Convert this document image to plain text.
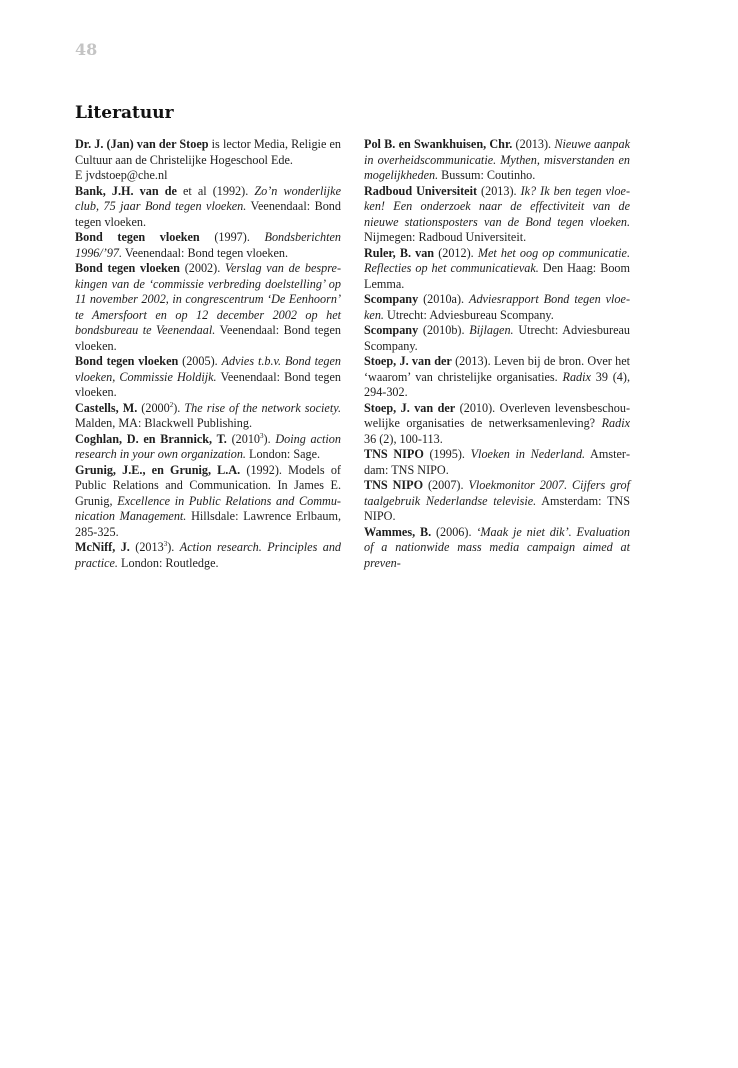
48
Literatuur

Dr. J. (Jan) van der Stoep is lector Media, Religie en Cultuur aan de Christelijke Hogeschool Ede.

E jvdstoep@che.nl

Bank, J.H. van de et al (1992). Zo’n wonderlijke club, 75 jaar Bond tegen vloeken. Veenendaal: Bond tegen vloeken.

Bond tegen vloeken (1997). Bondsberichten 1996/’97. Veenendaal: Bond tegen vloeken.

Bond tegen vloeken (2002). Verslag van de besprekingen van de ‘commissie verbreding doelstelling’ op 11 november 2002, in congrescentrum ‘De Eenhoorn’ te Amersfoort en op 12 december 2002 op het bondsbureau te Veenendaal. Veenendaal: Bond tegen vloeken.

Bond tegen vloeken (2005). Advies t.b.v. Bond tegen vloeken, Commissie Holdijk. Veenendaal: Bond tegen vloeken.

Castells, M. (2000$^2$). The rise of the network society. Malden, MA: Blackwell Publishing.

Coghlan, D. en Brannick, T. (2010$^3$). Doing action research in your own organization. London: Sage.

Grunig, J.E., en Grunig, L.A. (1992). Models of Public Relations and Communication. In James E. Grunig, Excellence in Public Relations and Communication Management. Hillsdale: Lawrence Erlbaum, 285-325.

McNiff, J. (2013$^3$). Action research. Principles and practice. London: Routledge.

Pol B. en Swankhuisen, Chr. (2013). Nieuwe aanpak in overheidscommunicatie. Mythen, misverstanden en mogelijkheden. Bussum: Coutinho.

Radboud Universiteit (2013). Ik? Ik ben tegen vloeken! Een onderzoek naar de effectiviteit van de nieuwe stationsposters van de Bond tegen vloeken. Nijmegen: Radboud Universiteit.

Ruler, B. van (2012). Met het oog op communicatie. Reflecties op het communicatievak. Den Haag: Boom Lemma.

Scompany (2010a). Adviesrapport Bond tegen vloeken. Utrecht: Adviesbureau Scompany.

Scompany (2010b). Bijlagen. Utrecht: Adviesbureau Scompany.

Stoep, J. van der (2013). Leven bij de bron. Over het ‘waarom’ van christelijke organisaties. Radix 39 (4), 294-302.

Stoep, J. van der (2010). Overleven levensbeschouwelijke organisaties de netwerksamenleving? Radix 36 (2), 100-113.

TNS NIPO (1995). Vloeken in Nederland. Amsterdam: TNS NIPO.

TNS NIPO (2007). Vloekmonitor 2007. Cijfers grof taalgebruik Nederlandse televisie. Amsterdam: TNS NIPO.

Wammes, B. (2006). ‘Maak je niet dik’. Evaluation of a nationwide mass media campaign aimed at preven-
